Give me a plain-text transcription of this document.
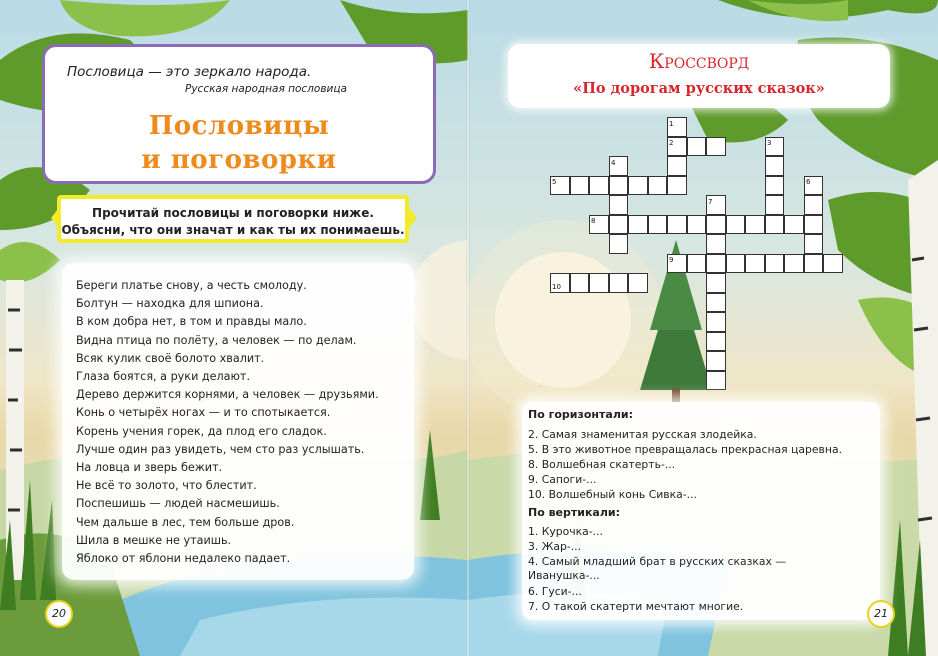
Пословица — это зеркало народа.
Русская народная пословица
Пословицы
и поговорки
Прочитай пословицы и поговорки ниже.
Объясни, что они значат и как ты их понимаешь.
Береги платье снову, а честь смолоду.
Болтун — находка для шпиона.
В ком добра нет, в том и правды мало.
Видна птица по полёту, а человек — по делам.
Всяк кулик своё болото хвалит.
Глаза боятся, а руки делают.
Дерево держится корнями, а человек — друзьями.
Конь о четырёх ногах — и то спотыкается.
Корень учения горек, да плод его сладок.
Лучше один раз увидеть, чем сто раз услышать.
На ловца и зверь бежит.
Не всё то золото, что блестит.
Поспешишь — людей насмешишь.
Чем дальше в лес, тем больше дров.
Шила в мешке не утаишь.
Яблоко от яблони недалеко падает.
20
Кроссворд
«По дорогам русских сказок»
1
2	3
4
5	6
7
8
9
10
По горизонтали:
2. Самая знаменитая русская злодейка.
5. В это животное превращалась прекрасная царевна.
8. Волшебная скатерть-...
9. Сапоги-...
10. Волшебный конь Сивка-...
По вертикали:
1. Курочка-...
3. Жар-...
4. Самый младший брат в русских сказках —
Иванушка-...
6. Гуси-...
7. О такой скатерти мечтают многие.
21
